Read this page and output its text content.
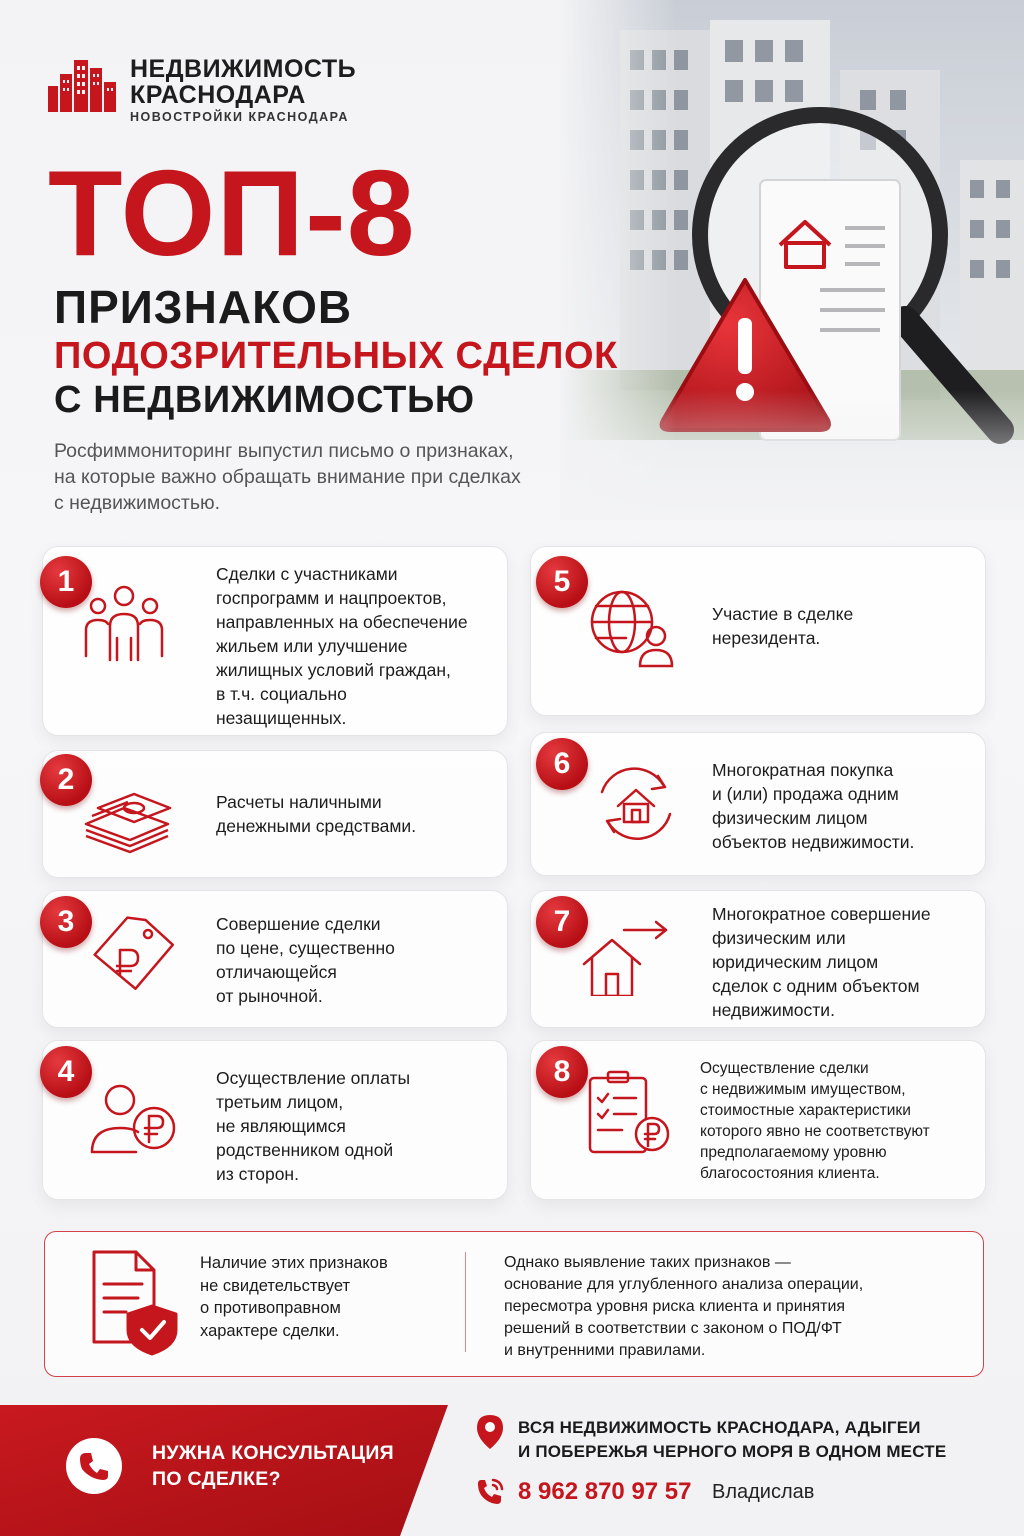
НЕДВИЖИМОСТЬ
КРАСНОДАРА
НОВОСТРОЙКИ КРАСНОДАРА
ТОП-8
ПРИЗНАКОВ
ПОДОЗРИТЕЛЬНЫХ СДЕЛОК
С НЕДВИЖИМОСТЬЮ
Росфиммониторинг выпустил письмо о признаках,
на которые важно обращать внимание при сделках
с недвижимостью.
1	Сделки с участниками
госпрограмм и нацпроектов,
направленных на обеспечение
жильем или улучшение
жилищных условий граждан,
в т.ч. социально
незащищенных.
2
Расчеты наличными
денежными средствами.
3	Совершение сделки
по цене, существенно
отличающейся
от рыночной.
4	Осуществление оплаты
третьим лицом,
не являющимся
родственником одной
из сторон.
5
Участие в сделке
нерезидента.
6	Многократная покупка
и (или) продажа одним
физическим лицом
объектов недвижимости.
7	Многократное совершение
физическим или
юридическим лицом
сделок с одним объектом
недвижимости.
8	Осуществление сделки
с недвижимым имуществом,
стоимостные характеристики
которого явно не соответствуют
предполагаемому уровню
благосостояния клиента.
Наличие этих признаков
не свидетельствует
о противоправном
характере сделки.
Однако выявление таких признаков —
основание для углубленного анализа операции,
пересмотра уровня риска клиента и принятия
решений в соответствии с законом о ПОД/ФТ
и внутренними правилами.
НУЖНА КОНСУЛЬТАЦИЯ
ПО СДЕЛКЕ?
ВСЯ НЕДВИЖИМОСТЬ КРАСНОДАРА, АДЫГЕИ
И ПОБЕРЕЖЬЯ ЧЕРНОГО МОРЯ В ОДНОМ МЕСТЕ
8 962 870 97 57 Владислав
